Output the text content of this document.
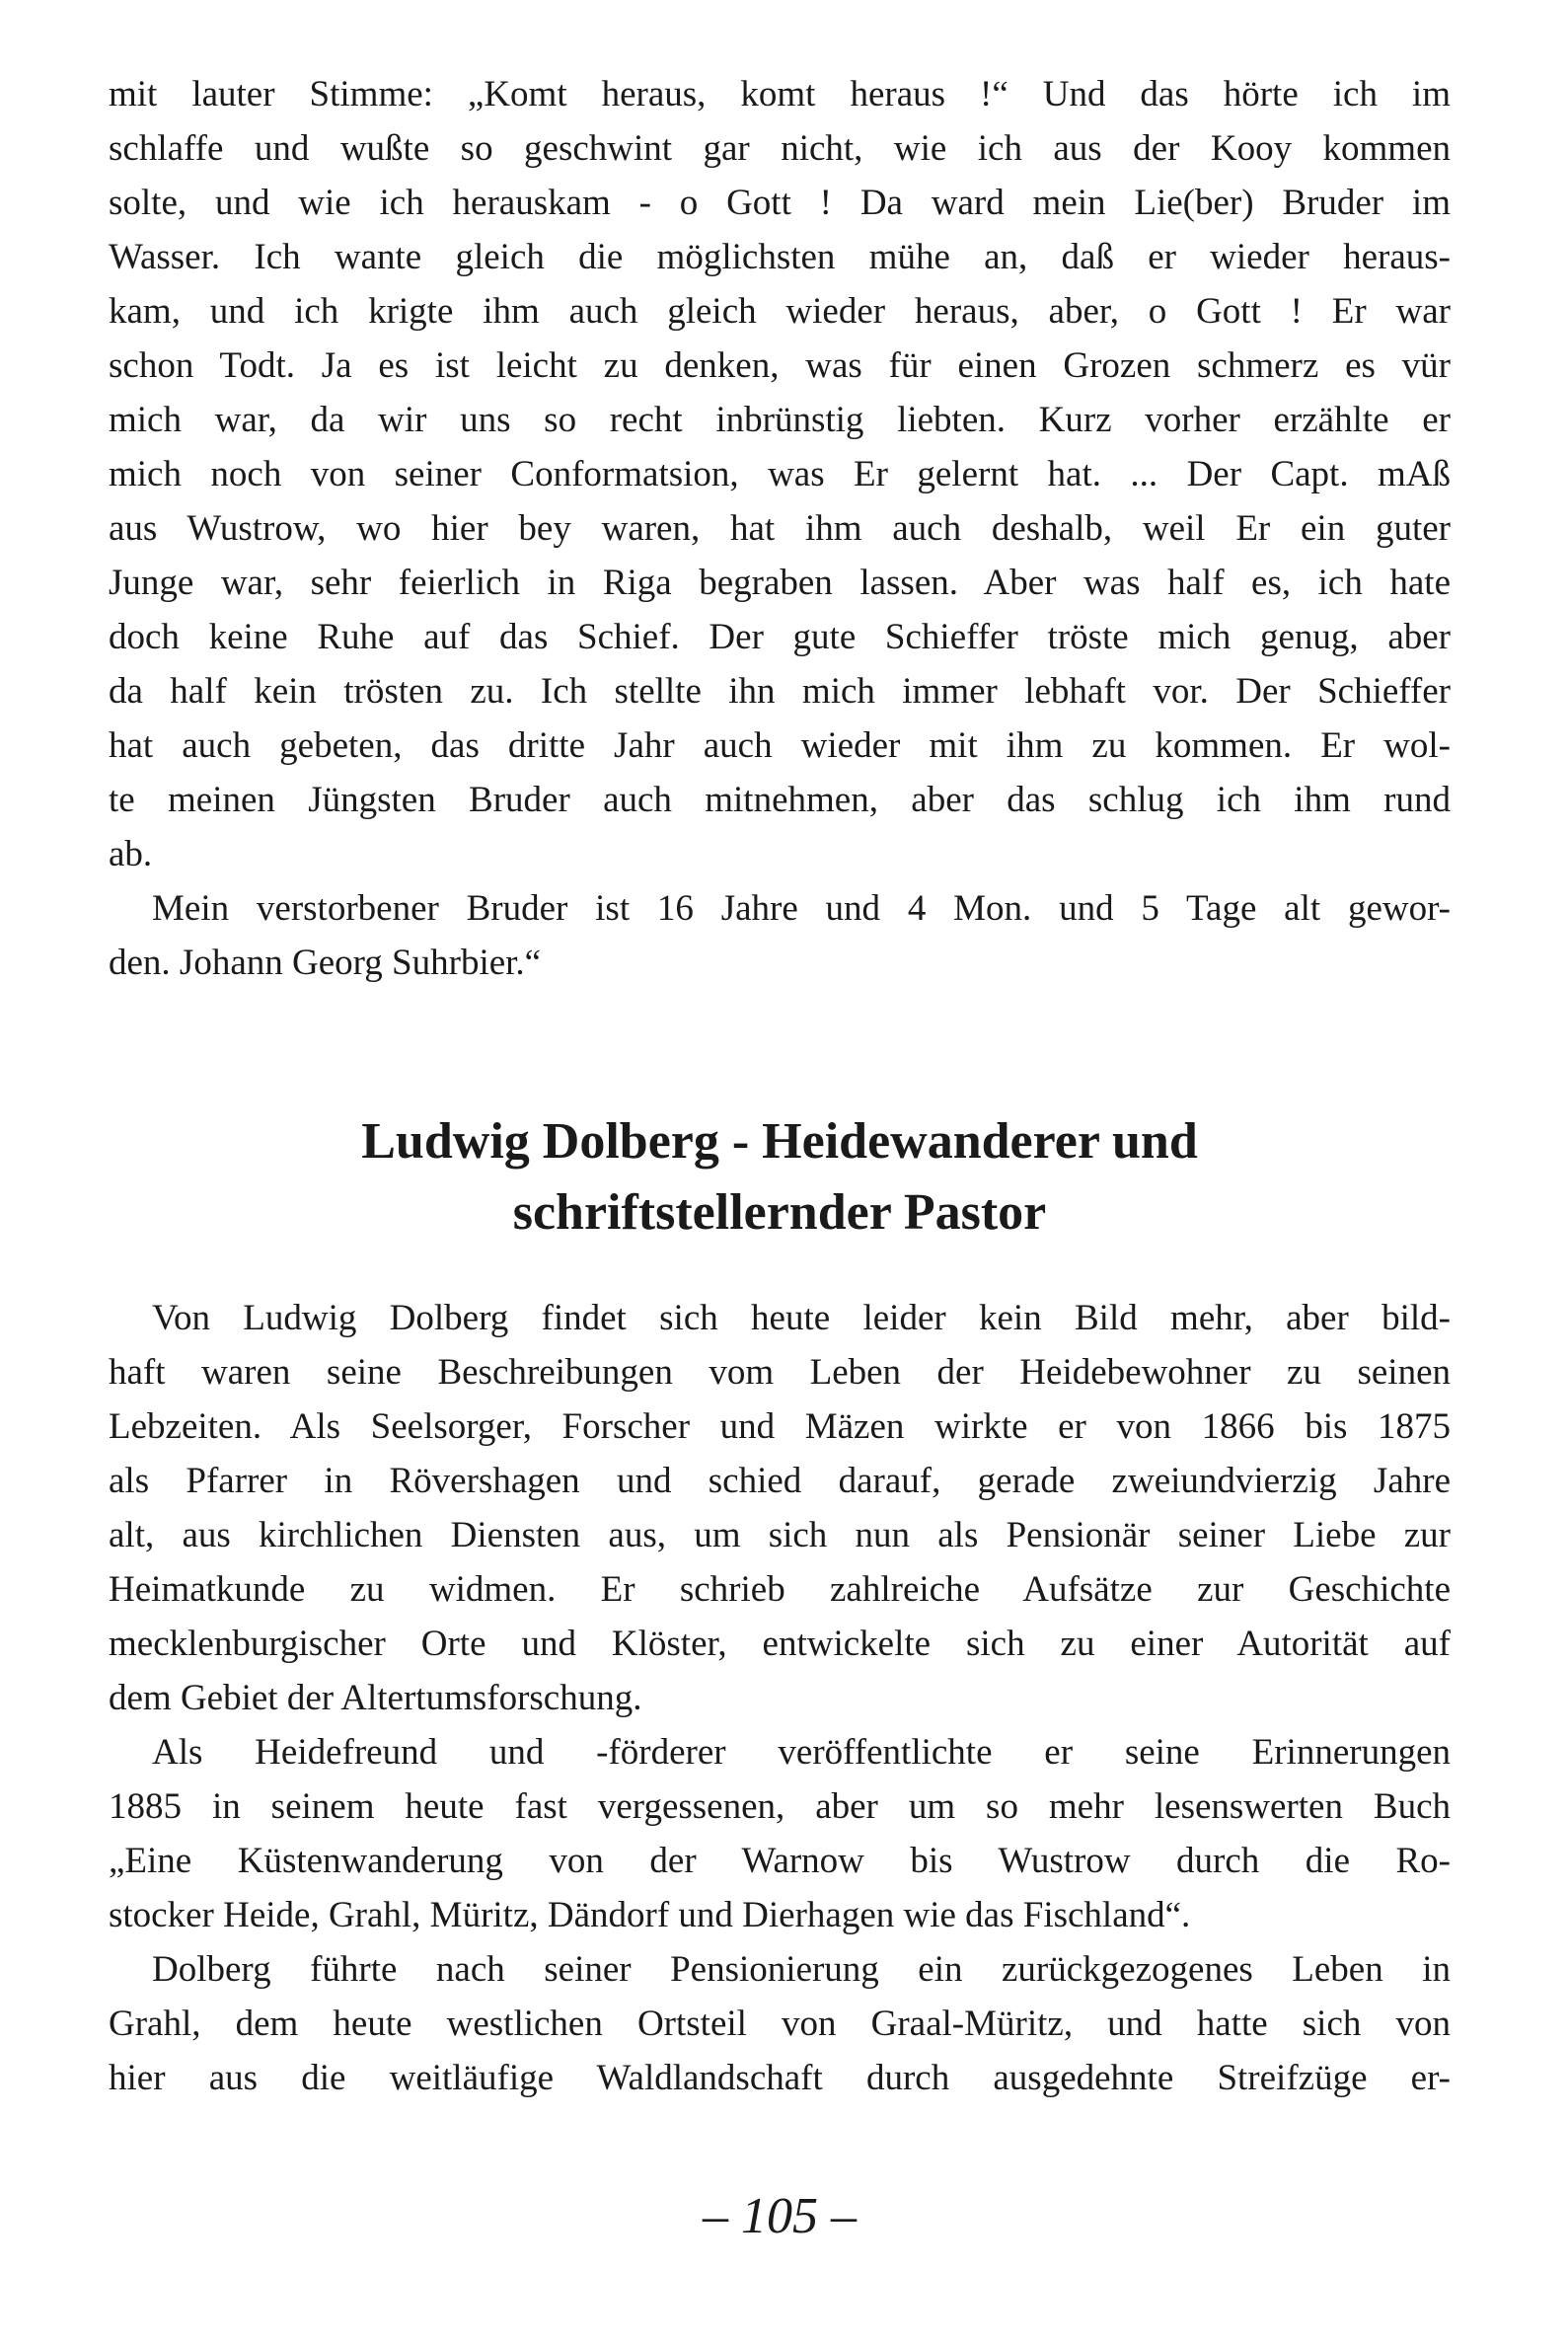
mit lauter Stimme: „Komt heraus, komt heraus !“ Und das hörte ich im
schlaffe und wußte so geschwint gar nicht, wie ich aus der Kooy kommen
solte, und wie ich herauskam - o Gott ! Da ward mein Lie(ber) Bruder im
Wasser. Ich wante gleich die möglichsten mühe an, daß er wieder heraus-
kam, und ich krigte ihm auch gleich wieder heraus, aber, o Gott ! Er war
schon Todt. Ja es ist leicht zu denken, was für einen Grozen schmerz es vür
mich war, da wir uns so recht inbrünstig liebten. Kurz vorher erzählte er
mich noch von seiner Conformatsion, was Er gelernt hat. ... Der Capt. mAß
aus Wustrow, wo hier bey waren, hat ihm auch deshalb, weil Er ein guter
Junge war, sehr feierlich in Riga begraben lassen. Aber was half es, ich hate
doch keine Ruhe auf das Schief. Der gute Schieffer tröste mich genug, aber
da half kein trösten zu. Ich stellte ihn mich immer lebhaft vor. Der Schieffer
hat auch gebeten, das dritte Jahr auch wieder mit ihm zu kommen. Er wol-
te meinen Jüngsten Bruder auch mitnehmen, aber das schlug ich ihm rund
ab.
Mein verstorbener Bruder ist 16 Jahre und 4 Mon. und 5 Tage alt gewor-
den. Johann Georg Suhrbier.“
Ludwig Dolberg - Heidewanderer und
schriftstellernder Pastor
Von Ludwig Dolberg findet sich heute leider kein Bild mehr, aber bild-
haft waren seine Beschreibungen vom Leben der Heidebewohner zu seinen
Lebzeiten. Als Seelsorger, Forscher und Mäzen wirkte er von 1866 bis 1875
als Pfarrer in Rövershagen und schied darauf, gerade zweiundvierzig Jahre
alt, aus kirchlichen Diensten aus, um sich nun als Pensionär seiner Liebe zur
Heimatkunde zu widmen. Er schrieb zahlreiche Aufsätze zur Geschichte
mecklenburgischer Orte und Klöster, entwickelte sich zu einer Autorität auf
dem Gebiet der Altertumsforschung.
Als Heidefreund und -förderer veröffentlichte er seine Erinnerungen
1885 in seinem heute fast vergessenen, aber um so mehr lesenswerten Buch
„Eine Küstenwanderung von der Warnow bis Wustrow durch die Ro-
stocker Heide, Grahl, Müritz, Dändorf und Dierhagen wie das Fischland“.
Dolberg führte nach seiner Pensionierung ein zurückgezogenes Leben in
Grahl, dem heute westlichen Ortsteil von Graal-Müritz, und hatte sich von
hier aus die weitläufige Waldlandschaft durch ausgedehnte Streifzüge er-
– 105 –
